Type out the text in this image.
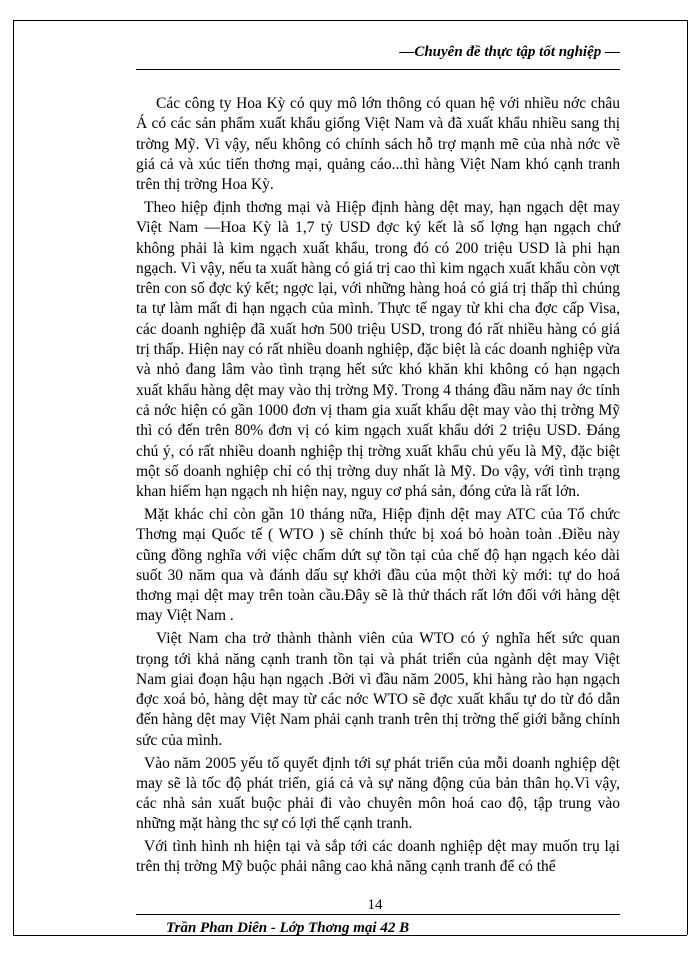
—Chuyên đề thực tập tốt nghiệp —

Các công ty Hoa Kỳ có quy mô lớn thông có quan hệ với nhiều nớc châu Á có các sản phẩm xuất khẩu giống Việt Nam và đã xuất khẩu nhiều sang thị trờng Mỹ. Vì vậy, nếu không có chính sách hỗ trợ mạnh mẽ của nhà nớc về giá cả và xúc tiến thơng mại, quảng cáo...thì hàng Việt Nam khó cạnh tranh trên thị trờng Hoa Kỳ.

Theo hiệp định thơng mại và Hiệp định hàng dệt may, hạn ngạch dệt may Việt Nam —Hoa Kỳ là 1,7 tỷ USD đợc ký kết là số lợng hạn ngạch chứ không phải là kim ngạch xuất khẩu, trong đó có 200 triệu USD là phi hạn ngạch. Vì vậy, nếu ta xuất hàng có giá trị cao thì kim ngạch xuất khẩu còn vợt trên con số đợc ký kết; ngợc lại, với những hàng hoá có giá trị thấp thì chúng ta tự làm mất đi hạn ngạch của mình. Thực tế ngay từ khi cha đợc cấp Visa, các doanh nghiệp đã xuất hơn 500 triệu USD, trong đó rất nhiều hàng có giá trị thấp. Hiện nay có rất nhiều doanh nghiệp, đặc biệt là các doanh nghiệp vừa và nhỏ đang lâm vào tình trạng hết sức khó khăn khi không có hạn ngạch xuất khẩu hàng dệt may vào thị trờng Mỹ. Trong 4 tháng đầu năm nay ớc tính cả nớc hiện có gần 1000 đơn vị tham gia xuất khẩu dệt may vào thị trờng Mỹ thì có đến trên 80% đơn vị có kim ngạch xuất khẩu dới 2 triệu USD. Đáng chú ý, có rất nhiều doanh nghiệp thị trờng xuất khẩu chủ yếu là Mỹ, đặc biệt một số doanh nghiệp chỉ có thị trờng duy nhất là Mỹ. Do vậy, với tình trạng khan hiếm hạn ngạch nh hiện nay, nguy cơ phá sản, đóng cửa là rất lớn.

Mặt khác chỉ còn gần 10 tháng nữa, Hiệp định dệt may ATC của Tổ chức Thơng mại Quốc tế ( WTO ) sẽ chính thức bị xoá bỏ hoàn toàn .Điều này cũng đồng nghĩa với việc chấm dứt sự tồn tại của chế độ hạn ngạch kéo dài suốt 30 năm qua và đánh dấu sự khởi đầu của một thời kỳ mới: tự do hoá thơng mại dệt may trên toàn cầu.Đây sẽ là thử thách rất lớn đối với hàng dệt may Việt Nam .

Việt Nam cha trở thành thành viên của WTO có ý nghĩa hết sức quan trọng tới khả năng cạnh tranh tồn tại và phát triển của ngành dệt may Việt Nam giai đoạn hậu hạn ngạch .Bởi vì đầu năm 2005, khi hàng rào hạn ngạch đợc xoá bỏ, hàng dệt may từ các nớc WTO sẽ đợc xuất khẩu tự do từ đó dẫn đến hàng dệt may Việt Nam phải cạnh tranh trên thị trờng thế giới bằng chính sức của mình.

Vào năm 2005 yếu tố quyết định tới sự phát triển của mỗi doanh nghiệp dệt may sẽ là tốc độ phát triển, giá cả và sự năng động của bản thân họ.Vì vậy, các nhà sản xuất buộc phải đi vào chuyên môn hoá cao độ, tập trung vào những mặt hàng thc sự có lợi thế cạnh tranh.

Với tình hình nh hiện tại và sắp tới các doanh nghiệp dệt may muốn trụ lại trên thị trờng Mỹ buộc phải nâng cao khả năng cạnh tranh để có thể

14
Trần Phan Diên - Lớp Thơng mại 42 B
